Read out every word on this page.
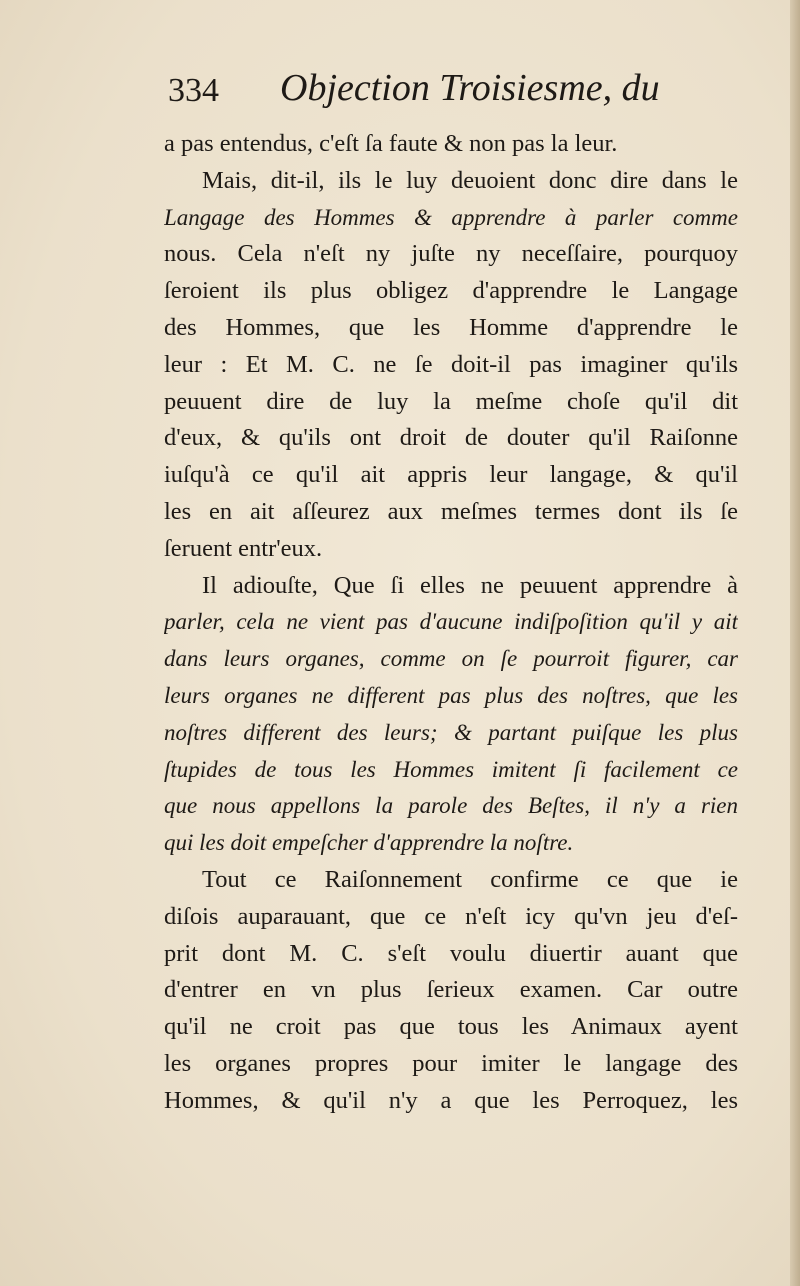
334 Objection Troisiesme, du
a pas entendus, c'eſt ſa faute & non pas la leur.
Mais, dit-il, ils le luy deuoient donc dire dans le
Langage des Hommes & apprendre à parler comme
nous. Cela n'eſt ny juſte ny neceſſaire, pourquoy
ſeroient ils plus obligez d'apprendre le Langage
des Hommes, que les Homme d'apprendre le
leur : Et M. C. ne ſe doit-il pas imaginer qu'ils
peuuent dire de luy la meſme choſe qu'il dit
d'eux, & qu'ils ont droit de douter qu'il Raiſonne
iuſqu'à ce qu'il ait appris leur langage, & qu'il
les en ait aſſeurez aux meſmes termes dont ils ſe
ſeruent entr'eux.
Il adiouſte, Que ſi elles ne peuuent apprendre à
parler, cela ne vient pas d'aucune indiſpoſition qu'il y ait
dans leurs organes, comme on ſe pourroit figurer, car
leurs organes ne different pas plus des noſtres, que les
noſtres different des leurs; & partant puiſque les plus
ſtupides de tous les Hommes imitent ſi facilement ce
que nous appellons la parole des Beſtes, il n'y a rien
qui les doit empeſcher d'apprendre la noſtre.
Tout ce Raiſonnement confirme ce que ie
diſois auparauant, que ce n'eſt icy qu'vn jeu d'eſ-
prit dont M. C. s'eſt voulu diuertir auant que
d'entrer en vn plus ſerieux examen. Car outre
qu'il ne croit pas que tous les Animaux ayent
les organes propres pour imiter le langage des
Hommes, & qu'il n'y a que les Perroquez, les
